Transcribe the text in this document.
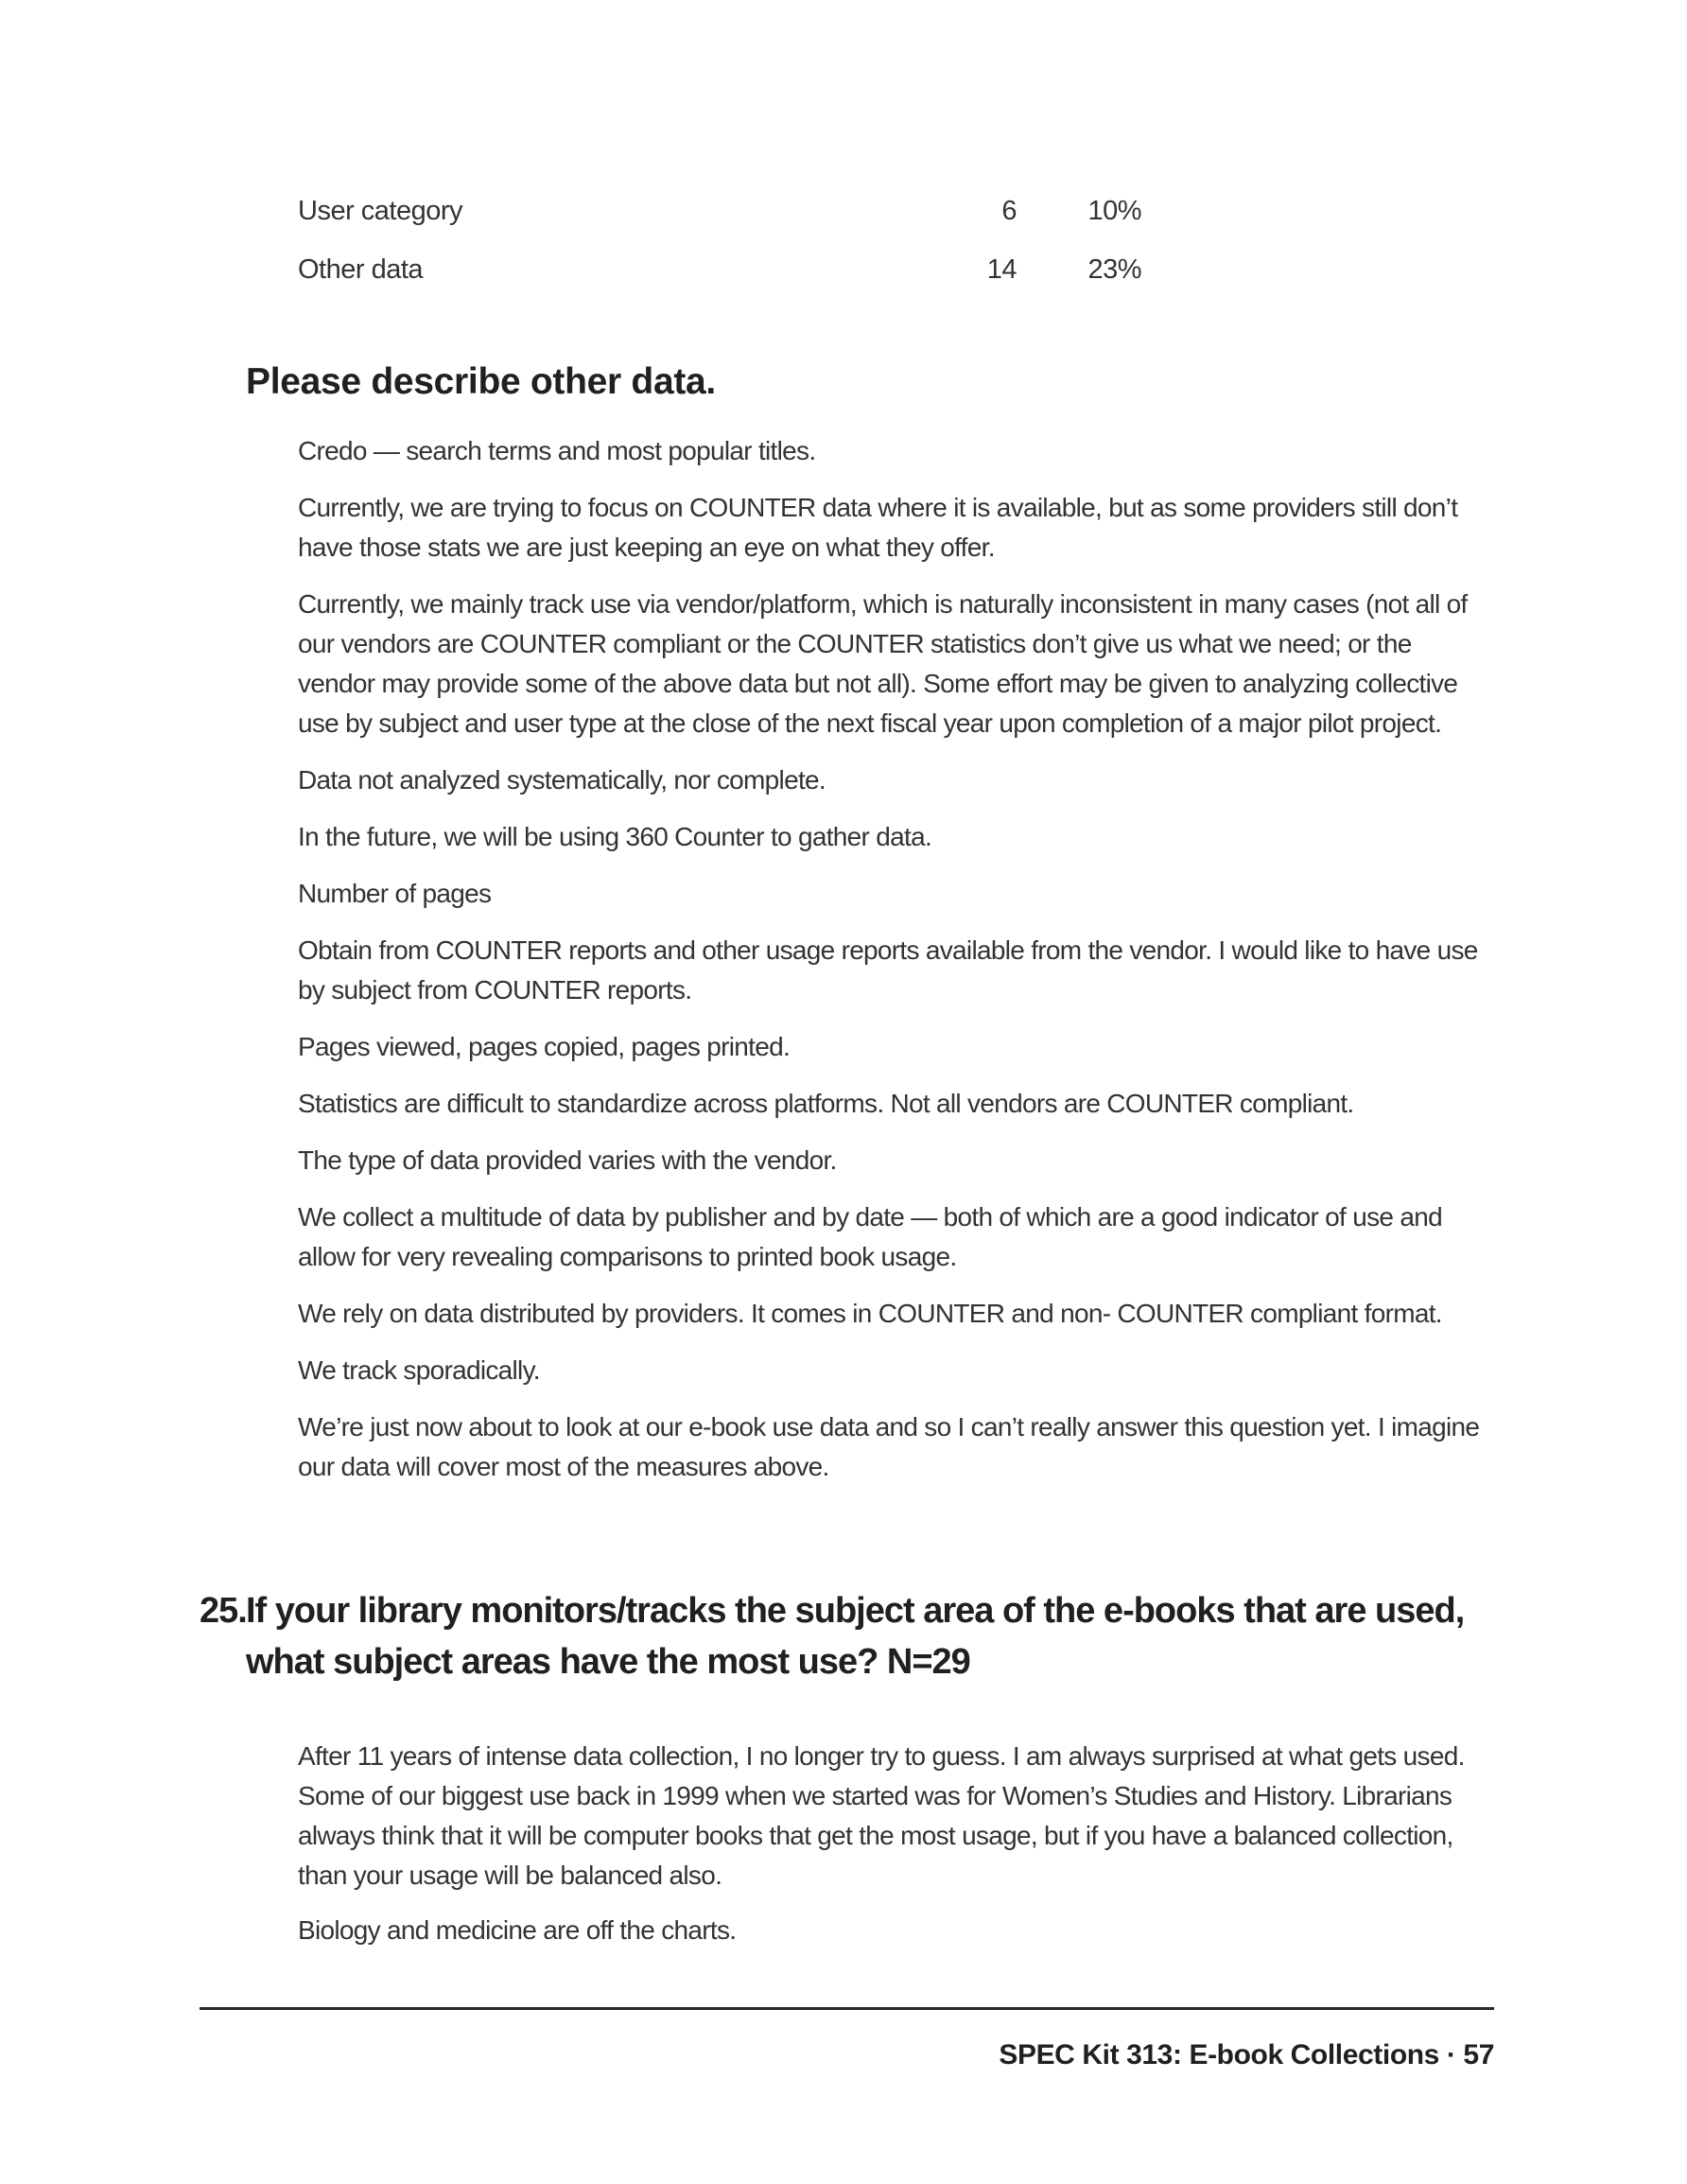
User category	6	10%
Other data	14	23%
Please describe other data.

Credo — search terms and most popular titles.

Currently, we are trying to focus on COUNTER data where it is available, but as some providers still don’t have those stats we are just keeping an eye on what they offer.

Currently, we mainly track use via vendor/platform, which is naturally inconsistent in many cases (not all of our vendors are COUNTER compliant or the COUNTER statistics don’t give us what we need; or the vendor may provide some of the above data but not all). Some effort may be given to analyzing collective use by subject and user type at the close of the next fiscal year upon completion of a major pilot project.

Data not analyzed systematically, nor complete.

In the future, we will be using 360 Counter to gather data.

Number of pages

Obtain from COUNTER reports and other usage reports available from the vendor. I would like to have use by subject from COUNTER reports.

Pages viewed, pages copied, pages printed.

Statistics are difficult to standardize across platforms. Not all vendors are COUNTER compliant.

The type of data provided varies with the vendor.

We collect a multitude of data by publisher and by date — both of which are a good indicator of use and allow for very revealing comparisons to printed book usage.

We rely on data distributed by providers. It comes in COUNTER and non- COUNTER compliant format.

We track sporadically.

We’re just now about to look at our e-book use data and so I can’t really answer this question yet. I imagine our data will cover most of the measures above.

25. If your library monitors/tracks the subject area of the e-books that are used, what subject areas have the most use? N=29

After 11 years of intense data collection, I no longer try to guess. I am always surprised at what gets used. Some of our biggest use back in 1999 when we started was for Women’s Studies and History. Librarians always think that it will be computer books that get the most usage, but if you have a balanced collection, than your usage will be balanced also.

Biology and medicine are off the charts.

SPEC Kit 313: E-book Collections · 57
